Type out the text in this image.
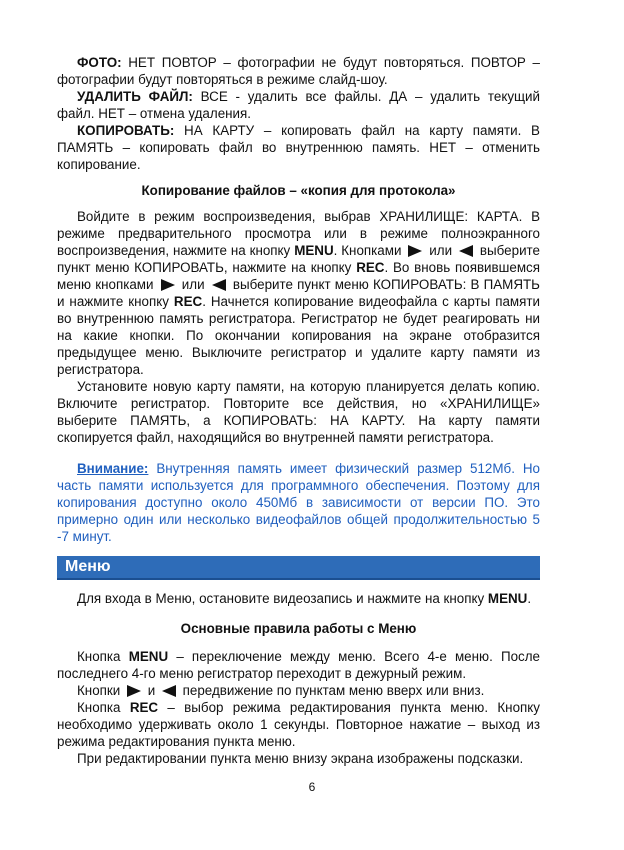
ФОТО: НЕТ ПОВТОР – фотографии не будут повторяться. ПОВТОР – фотографии будут повторяться в режиме слайд-шоу.

УДАЛИТЬ ФАЙЛ: ВСЕ - удалить все файлы. ДА – удалить текущий файл. НЕТ – отмена удаления.

КОПИРОВАТЬ: НА КАРТУ – копировать файл на карту памяти. В ПАМЯТЬ – копировать файл во внутреннюю память. НЕТ – отменить копирование.

Копирование файлов – «копия для протокола»

Войдите в режим воспроизведения, выбрав ХРАНИЛИЩЕ: КАРТА. В режиме предварительного просмотра или в режиме полноэкранного воспроизведения, нажмите на кнопку MENU. Кнопками или выберите пункт меню КОПИРОВАТЬ, нажмите на кнопку REC. Во вновь появившемся меню кнопками или выберите пункт меню КОПИРОВАТЬ: В ПАМЯТЬ и нажмите кнопку REC. Начнется копирование видеофайла с карты памяти во внутреннюю память регистратора. Регистратор не будет реагировать ни на какие кнопки. По окончании копирования на экране отобразится предыдущее меню. Выключите регистратор и удалите карту памяти из регистратора.

Установите новую карту памяти, на которую планируется делать копию. Включите регистратор. Повторите все действия, но «ХРАНИЛИЩЕ» выберите ПАМЯТЬ, а КОПИРОВАТЬ: НА КАРТУ. На карту памяти скопируется файл, находящийся во внутренней памяти регистратора.

Внимание: Внутренняя память имеет физический размер 512Мб. Но часть памяти используется для программного обеспечения. Поэтому для копирования доступно около 450Мб в зависимости от версии ПО. Это примерно один или несколько видеофайлов общей продолжительностью 5 -7 минут.

Меню

Для входа в Меню, остановите видеозапись и нажмите на кнопку MENU.

Основные правила работы с Меню

Кнопка MENU – переключение между меню. Всего 4-е меню. После последнего 4-го меню регистратор переходит в дежурный режим.

Кнопки и передвижение по пунктам меню вверх или вниз.

Кнопка REC – выбор режима редактирования пункта меню. Кнопку необходимо удерживать около 1 секунды. Повторное нажатие – выход из режима редактирования пункта меню.

При редактировании пункта меню внизу экрана изображены подсказки.

6
